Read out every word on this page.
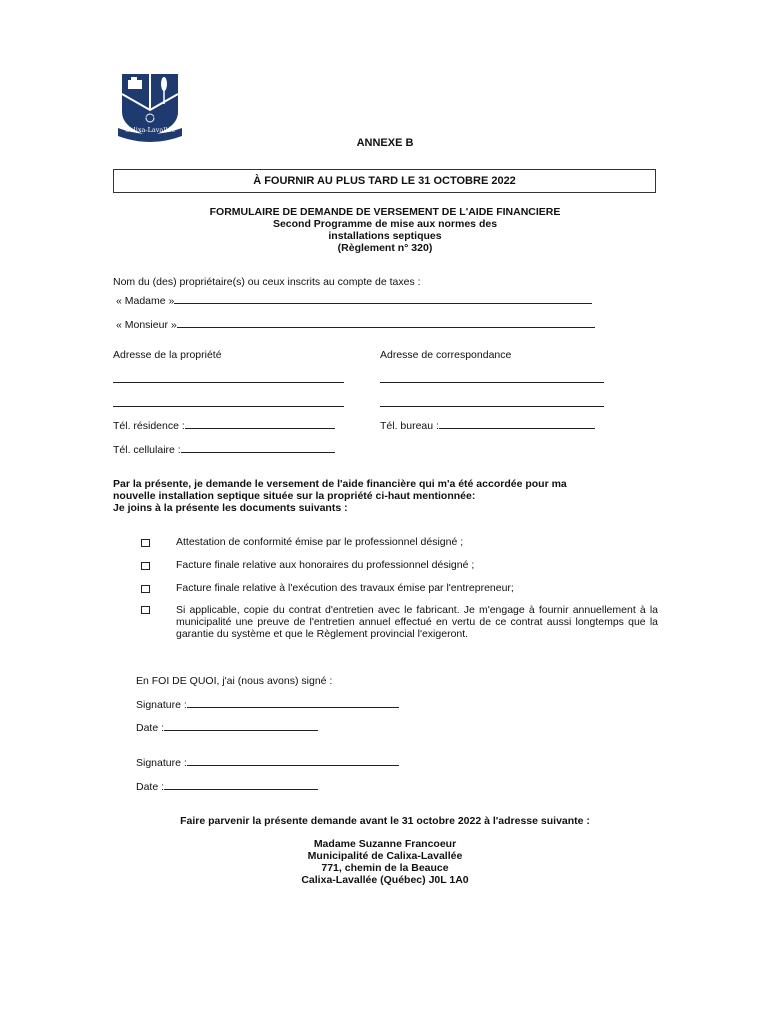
Calixa-Lavallée
L'avenir
ANNEXE B
À FOURNIR AU PLUS TARD LE 31 OCTOBRE 2022
FORMULAIRE DE DEMANDE DE VERSEMENT DE L'AIDE FINANCIERE
Second Programme de mise aux normes des
installations septiques
(Règlement n° 320)
Nom du (des) propriétaire(s) ou ceux inscrits au compte de taxes :
« Madame »
« Monsieur »
Adresse de la propriété	Adresse de correspondance
Tél. résidence :	Tél. bureau :
Tél. cellulaire :
Par la présente, je demande le versement de l'aide financière qui m'a été accordée pour ma
nouvelle installation septique située sur la propriété ci-haut mentionnée:
Je joins à la présente les documents suivants :
Attestation de conformité émise par le professionnel désigné ;
Facture finale relative aux honoraires du professionnel désigné ;
Facture finale relative à l'exécution des travaux émise par l'entrepreneur;
Si applicable, copie du contrat d'entretien avec le fabricant. Je m'engage à fournir annuellement à la municipalité une preuve de l'entretien annuel effectué en vertu de ce contrat aussi longtemps que la garantie du système et que le Règlement provincial l'exigeront.
En FOI DE QUOI, j'ai (nous avons) signé :
Signature :
Date :
Signature :
Date :
Faire parvenir la présente demande avant le 31 octobre 2022 à l'adresse suivante :
Madame Suzanne Francoeur
Municipalité de Calixa-Lavallée
771, chemin de la Beauce
Calixa-Lavallée (Québec) J0L 1A0
